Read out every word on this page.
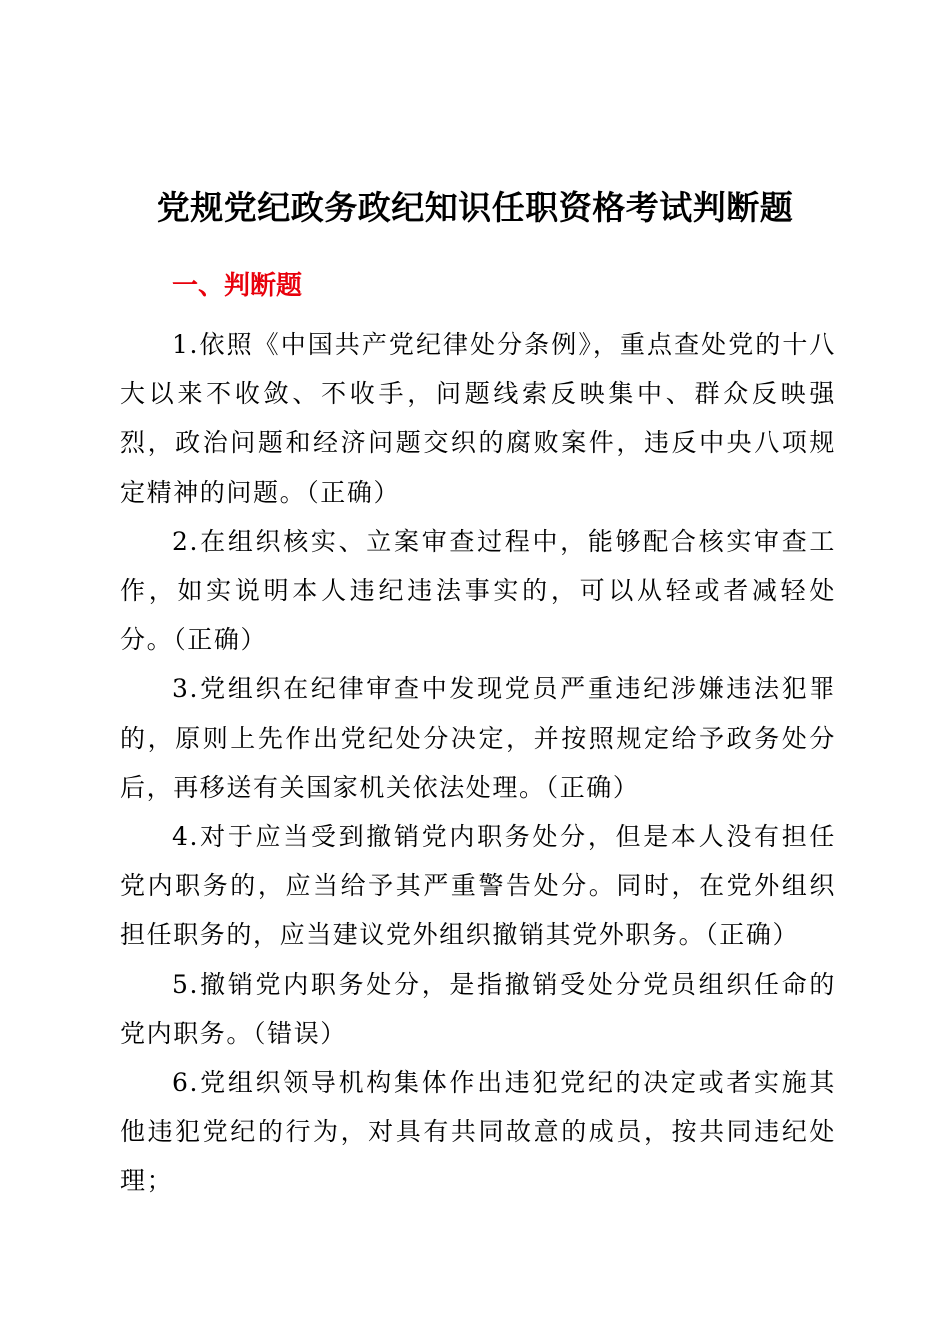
党规党纪政务政纪知识任职资格考试判断题
一、判断题

1.依照《中国共产党纪律处分条例》，重点查处党的十八大以来不收敛、不收手，问题线索反映集中、群众反映强烈，政治问题和经济问题交织的腐败案件，违反中央八项规定精神的问题。（正确）

2.在组织核实、立案审查过程中，能够配合核实审查工作，如实说明本人违纪违法事实的，可以从轻或者减轻处分。（正确）

3.党组织在纪律审查中发现党员严重违纪涉嫌违法犯罪的，原则上先作出党纪处分决定，并按照规定给予政务处分后，再移送有关国家机关依法处理。（正确）

4.对于应当受到撤销党内职务处分，但是本人没有担任党内职务的，应当给予其严重警告处分。同时，在党外组织担任职务的，应当建议党外组织撤销其党外职务。（正确）

5.撤销党内职务处分，是指撤销受处分党员组织任命的党内职务。（错误）

6.党组织领导机构集体作出违犯党纪的决定或者实施其他违犯党纪的行为，对具有共同故意的成员，按共同违纪处理；
